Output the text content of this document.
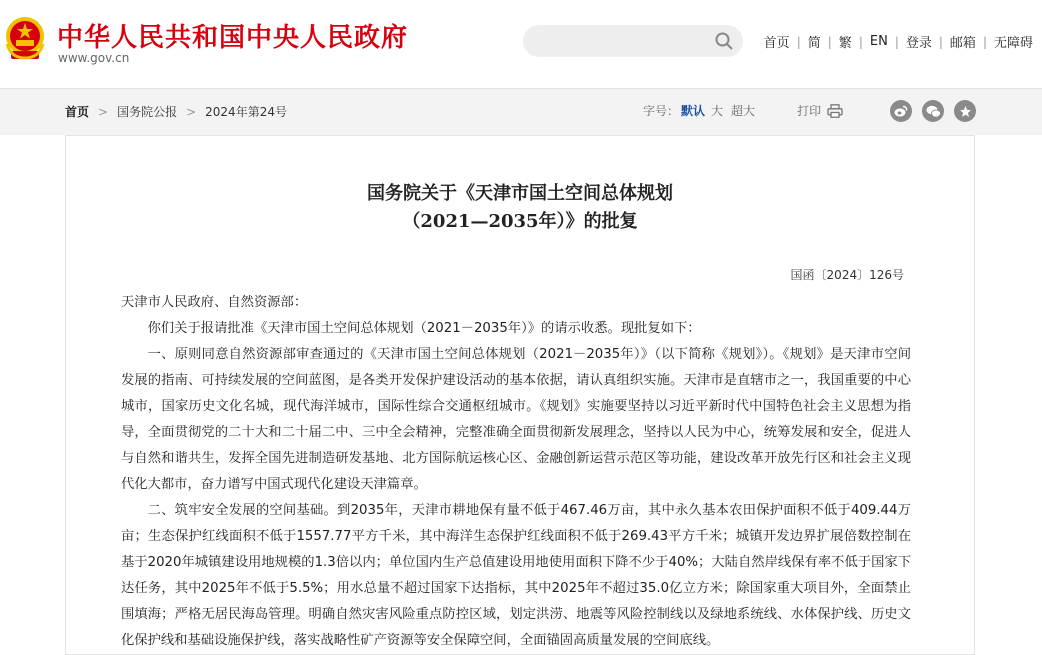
中华人民共和国中央人民政府
www.gov.cn
首页 | 简 | 繁 | EN | 登录 | 邮箱 | 无障碍
首页 > 国务院公报 > 2024年第24号	字号： 默认 大 超大	打印
国务院关于《天津市国土空间总体规划
（2021—2035年）》的批复
国函〔2024〕126号

天津市人民政府、自然资源部：

你们关于报请批准《天津市国土空间总体规划（2021－2035年）》的请示收悉。现批复如下：

一、原则同意自然资源部审查通过的《天津市国土空间总体规划（2021－2035年）》（以下简称《规划》）。《规划》是天津市空间发展的指南、可持续发展的空间蓝图，是各类开发保护建设活动的基本依据，请认真组织实施。天津市是直辖市之一，我国重要的中心城市，国家历史文化名城，现代海洋城市，国际性综合交通枢纽城市。《规划》实施要坚持以习近平新时代中国特色社会主义思想为指导，全面贯彻党的二十大和二十届二中、三中全会精神，完整准确全面贯彻新发展理念，坚持以人民为中心，统筹发展和安全，促进人与自然和谐共生，发挥全国先进制造研发基地、北方国际航运核心区、金融创新运营示范区等功能，建设改革开放先行区和社会主义现代化大都市，奋力谱写中国式现代化建设天津篇章。

二、筑牢安全发展的空间基础。到2035年，天津市耕地保有量不低于467.46万亩，其中永久基本农田保护面积不低于409.44万亩；生态保护红线面积不低于1557.77平方千米，其中海洋生态保护红线面积不低于269.43平方千米；城镇开发边界扩展倍数控制在基于2020年城镇建设用地规模的1.3倍以内；单位国内生产总值建设用地使用面积下降不少于40%；大陆自然岸线保有率不低于国家下达任务，其中2025年不低于5.5%；用水总量不超过国家下达指标，其中2025年不超过35.0亿立方米；除国家重大项目外，全面禁止围填海；严格无居民海岛管理。明确自然灾害风险重点防控区域，划定洪涝、地震等风险控制线以及绿地系统线、水体保护线、历史文化保护线和基础设施保护线，落实战略性矿产资源等安全保障空间，全面锚固高质量发展的空间底线。
